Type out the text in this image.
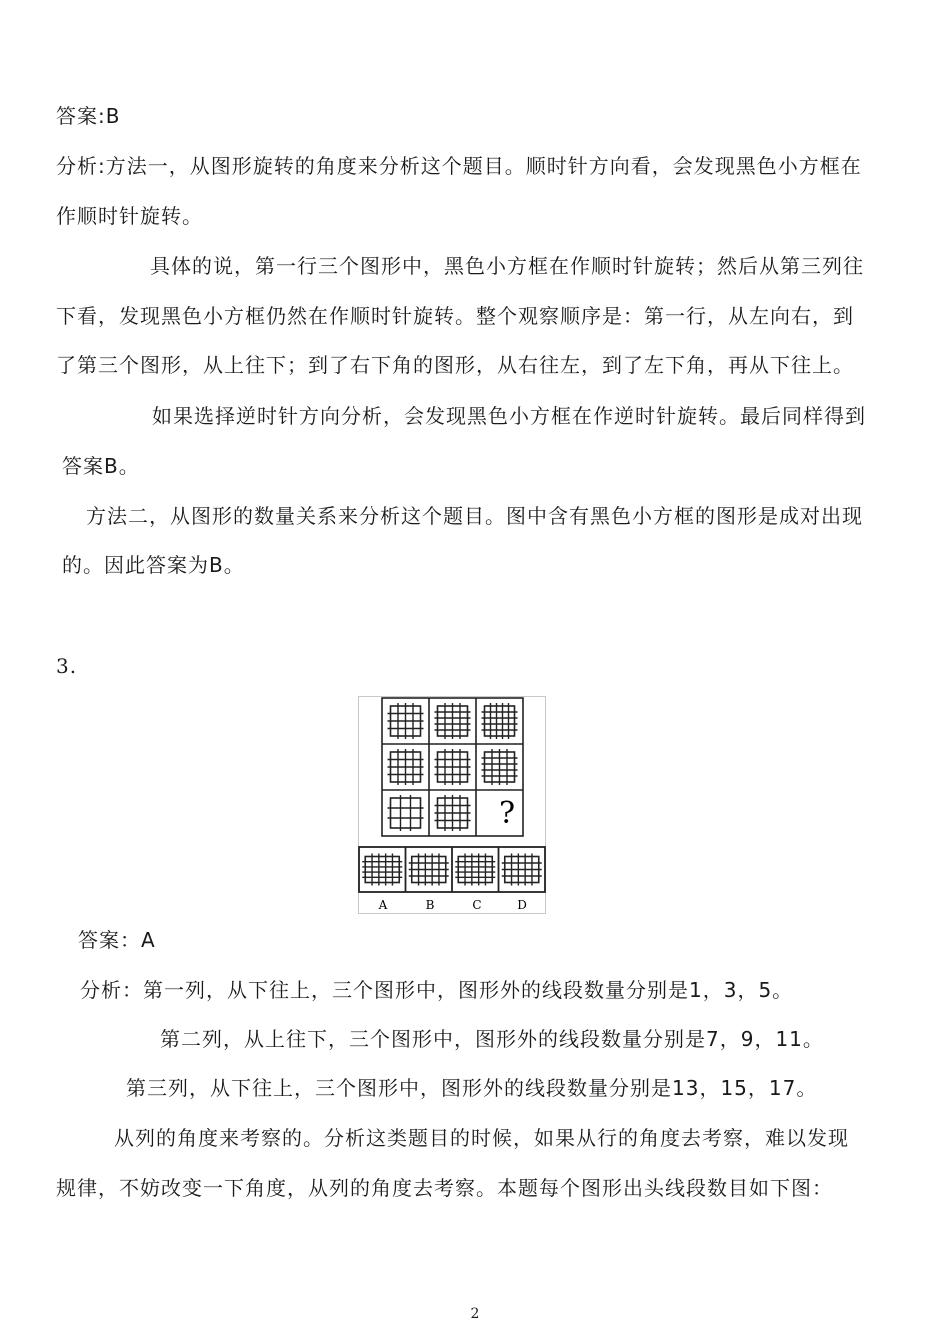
答案:B
分析:方法一，从图形旋转的角度来分析这个题目。顺时针方向看，会发现黑色小方框在
作顺时针旋转。
具体的说，第一行三个图形中，黑色小方框在作顺时针旋转；然后从第三列往
下看，发现黑色小方框仍然在作顺时针旋转。整个观察顺序是：第一行，从左向右，到
了第三个图形，从上往下；到了右下角的图形，从右往左，到了左下角，再从下往上。
如果选择逆时针方向分析，会发现黑色小方框在作逆时针旋转。最后同样得到
答案B。
方法二，从图形的数量关系来分析这个题目。图中含有黑色小方框的图形是成对出现
的。因此答案为B。
3.
?
A	B	C	D
答案：A
分析：第一列，从下往上，三个图形中，图形外的线段数量分别是1，3，5。
第二列，从上往下，三个图形中，图形外的线段数量分别是7，9，11。
第三列，从下往上，三个图形中，图形外的线段数量分别是13，15，17。
从列的角度来考察的。分析这类题目的时候，如果从行的角度去考察，难以发现
规律，不妨改变一下角度，从列的角度去考察。本题每个图形出头线段数目如下图：
2
